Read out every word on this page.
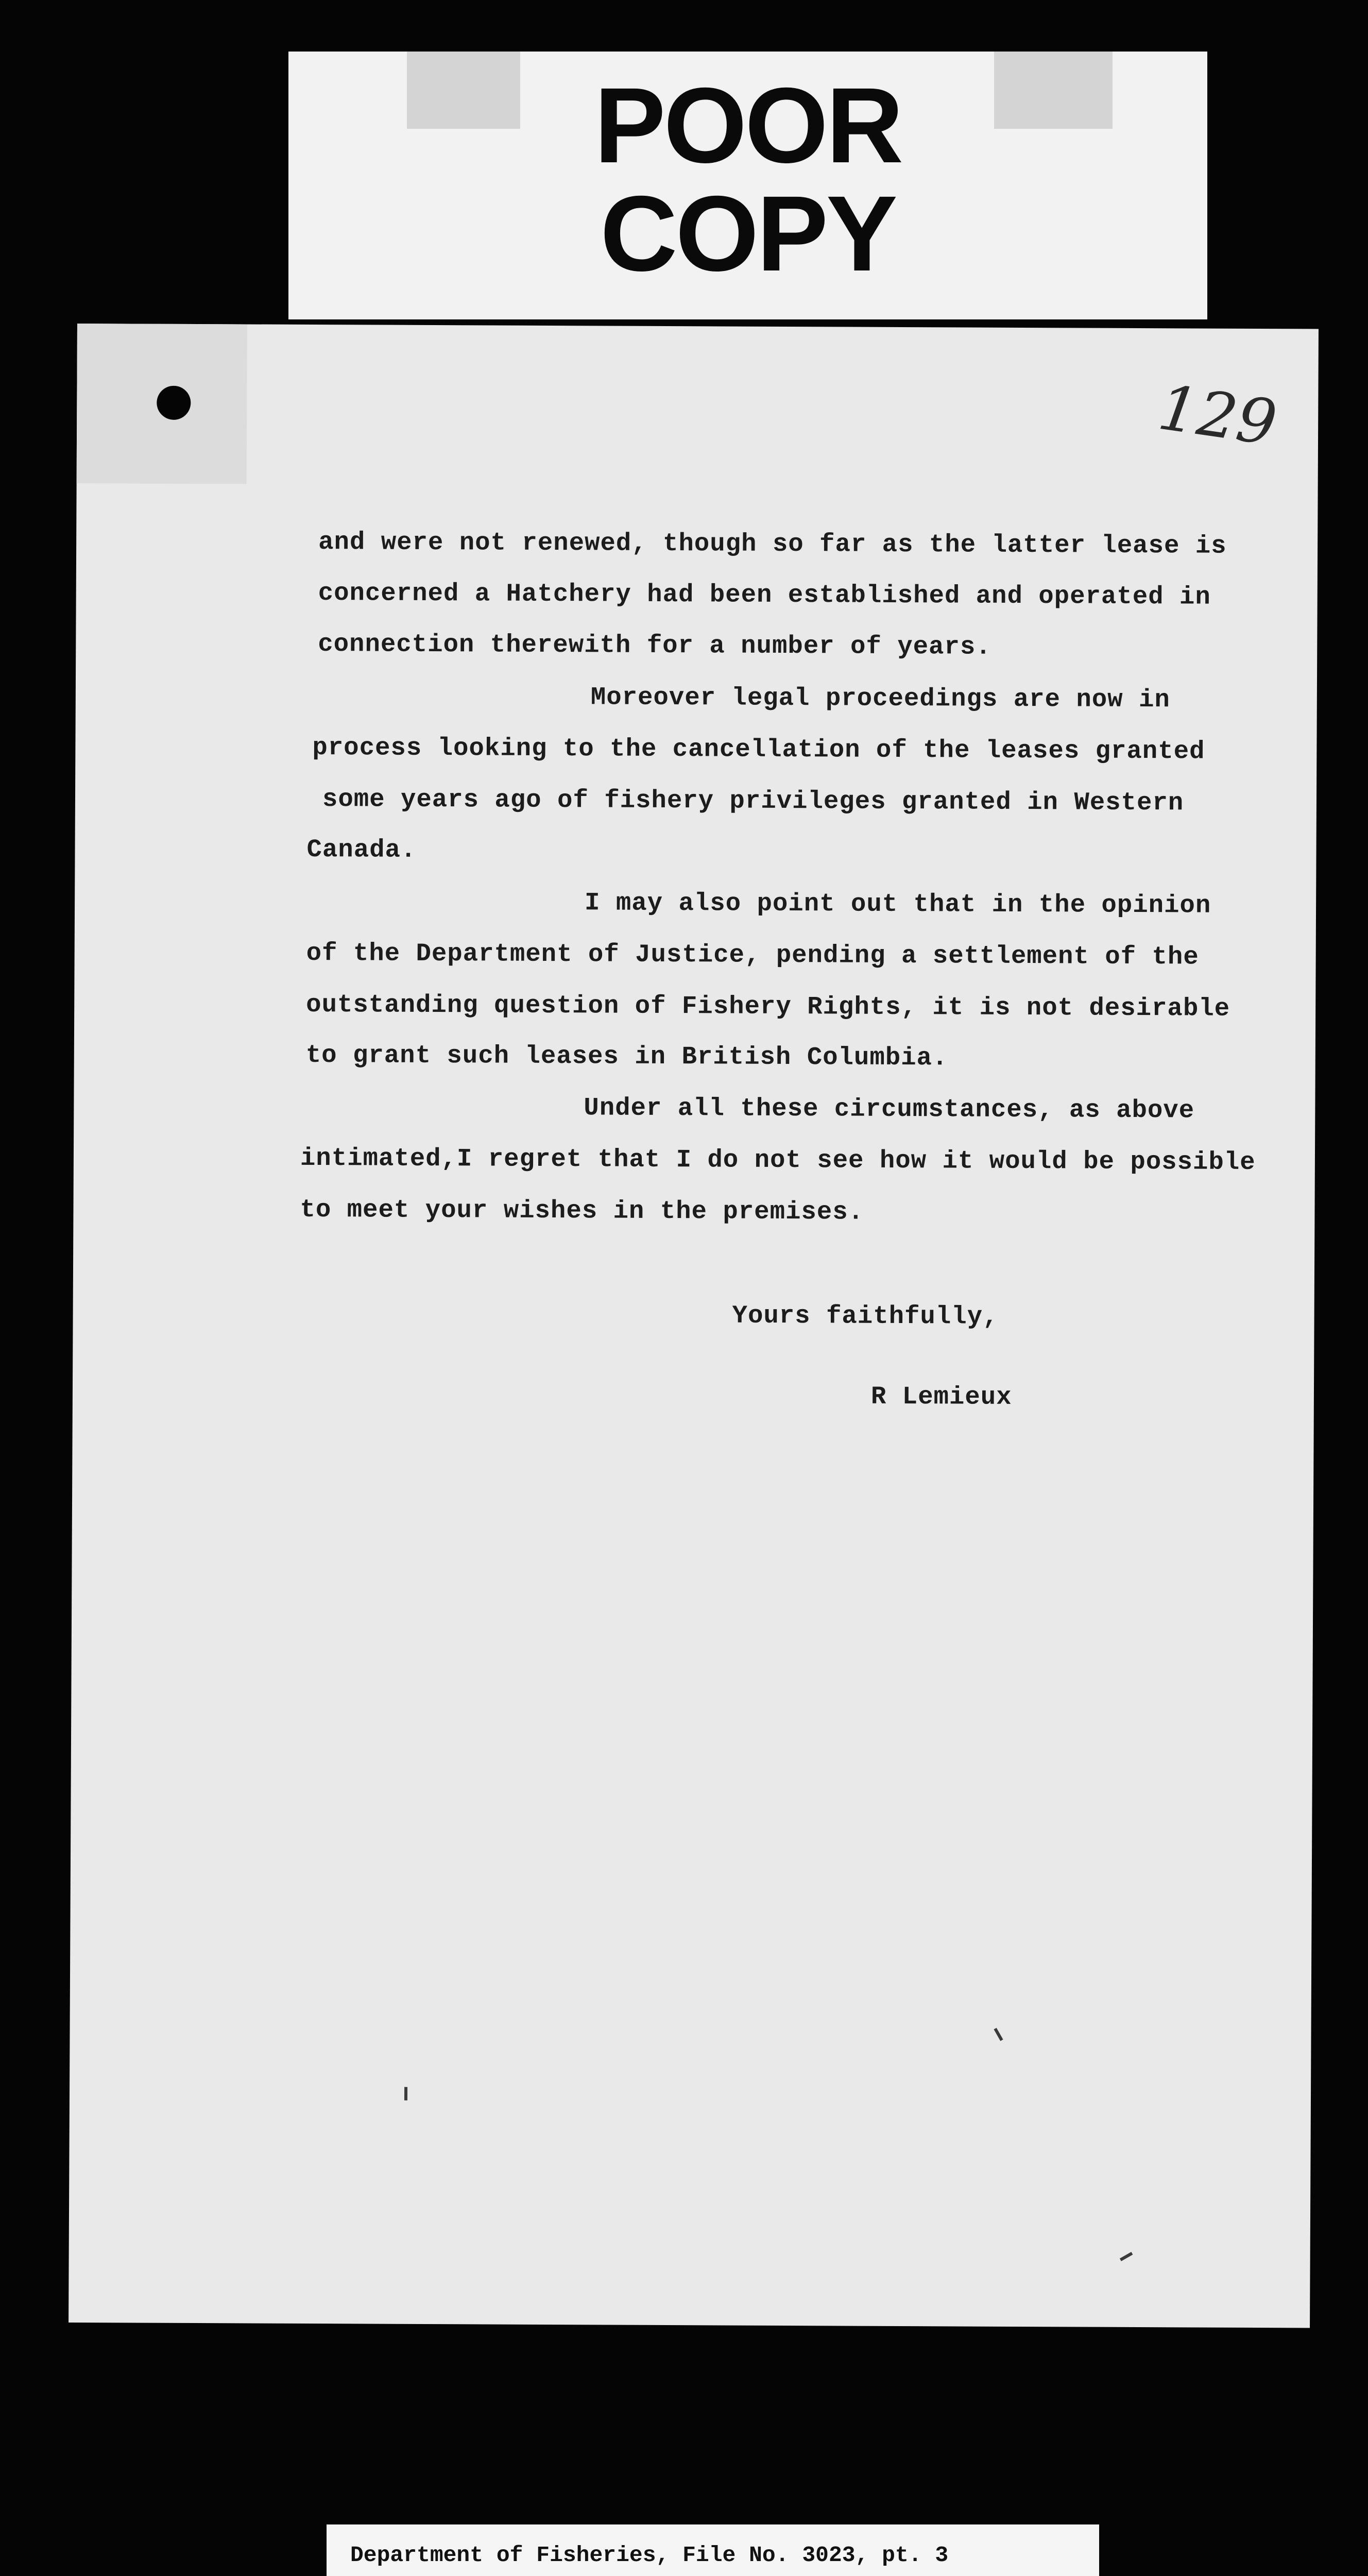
POOR
COPY
129
and were not renewed, though so far as the latter lease is
concerned a Hatchery had been established and operated in
connection therewith for a number of years.
Moreover legal proceedings are now in
process looking to the cancellation of the leases granted
some years ago of fishery privileges granted in Western
Canada.
I may also point out that in the opinion
of the Department of Justice, pending a settlement of the
outstanding question of Fishery Rights, it is not desirable
to grant such leases in British Columbia.
Under all these circumstances, as above
intimated,I regret that I do not see how it would be possible
to meet your wishes in the premises.
Yours faithfully,
R Lemieux
Department of Fisheries, File No. 3023, pt. 3
